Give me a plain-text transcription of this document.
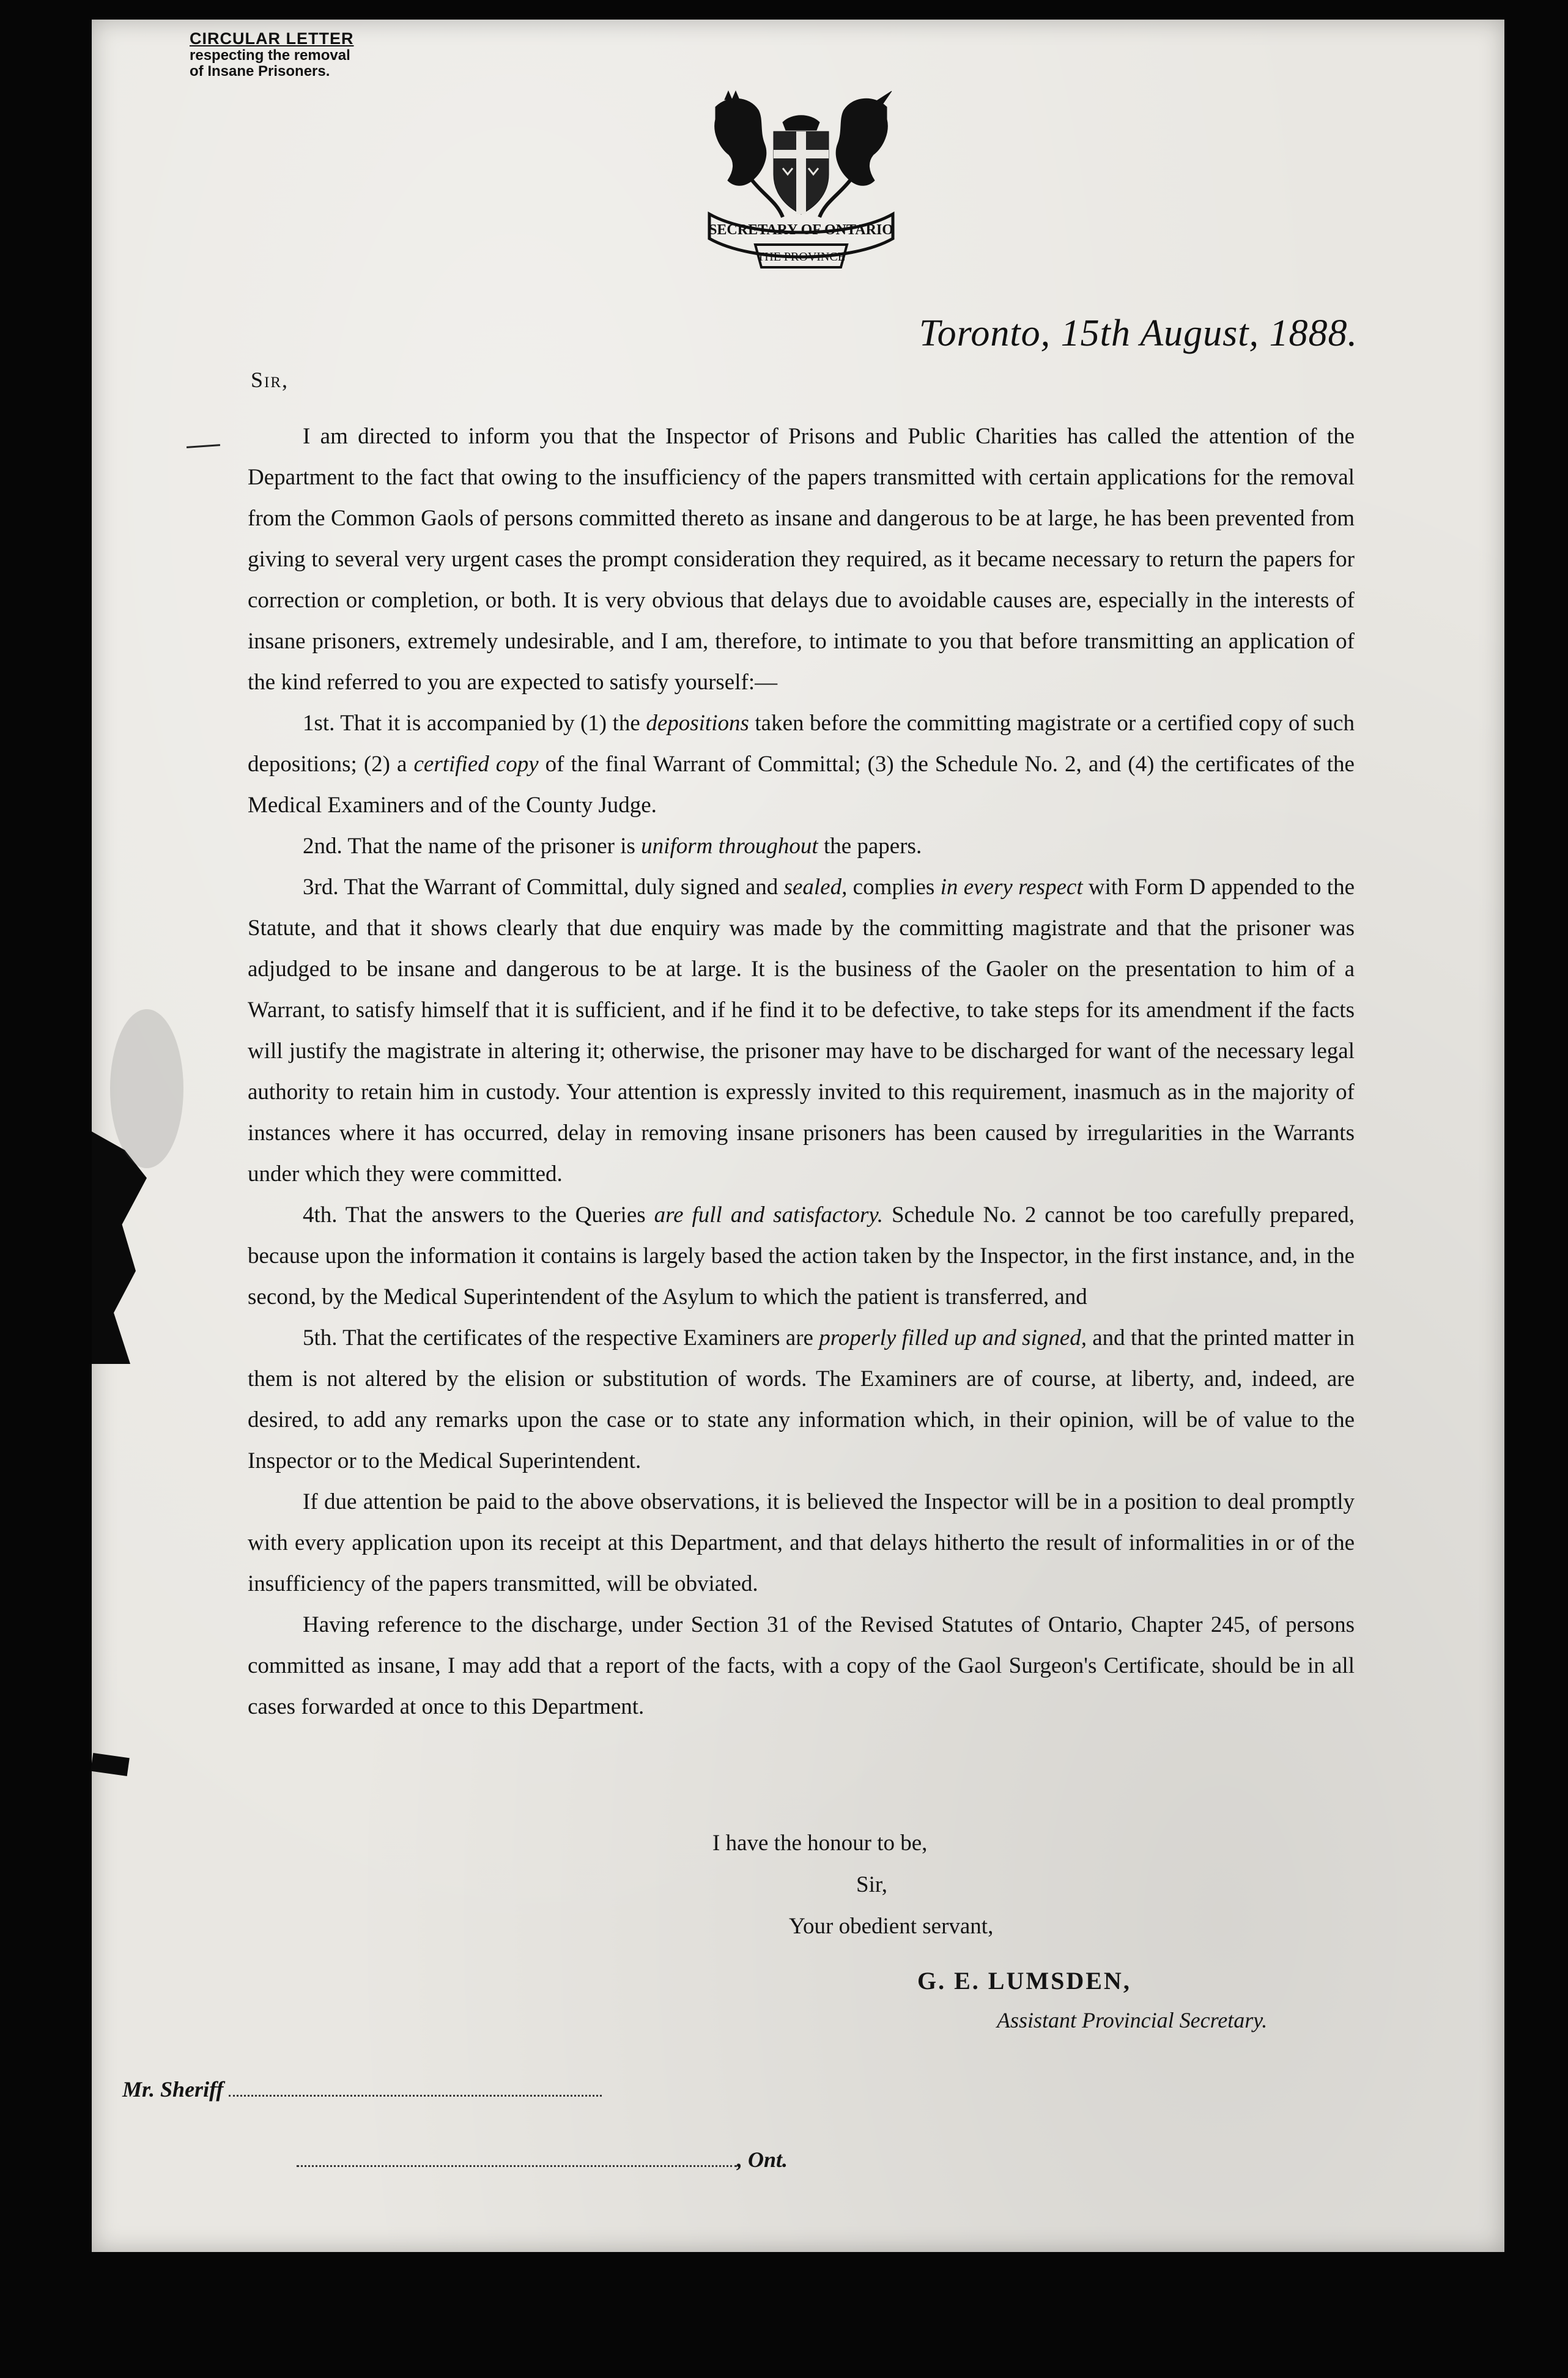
CIRCULAR LETTER
respecting the removal
of Insane Prisoners.
SECRETARY OF ONTARIO
THE PROVINCE
Toronto, 15th August, 1888.
Sir,

I am directed to inform you that the Inspector of Prisons and Public Charities has called the attention of the Department to the fact that owing to the insufficiency of the papers transmitted with certain applications for the removal from the Common Gaols of persons committed thereto as insane and dangerous to be at large, he has been prevented from giving to several very urgent cases the prompt consideration they required, as it became necessary to return the papers for correction or completion, or both. It is very obvious that delays due to avoidable causes are, especially in the interests of insane prisoners, extremely undesirable, and I am, therefore, to intimate to you that before transmitting an application of the kind referred to you are expected to satisfy yourself:—

1st. That it is accompanied by (1) the depositions taken before the committing magistrate or a certified copy of such depositions; (2) a certified copy of the final Warrant of Committal; (3) the Schedule No. 2, and (4) the certificates of the Medical Examiners and of the County Judge.

2nd. That the name of the prisoner is uniform throughout the papers.

3rd. That the Warrant of Committal, duly signed and sealed, complies in every respect with Form D appended to the Statute, and that it shows clearly that due enquiry was made by the committing magistrate and that the prisoner was adjudged to be insane and dangerous to be at large. It is the business of the Gaoler on the presentation to him of a Warrant, to satisfy himself that it is sufficient, and if he find it to be defective, to take steps for its amendment if the facts will justify the magistrate in altering it; otherwise, the prisoner may have to be discharged for want of the necessary legal authority to retain him in custody. Your attention is expressly invited to this requirement, inasmuch as in the majority of instances where it has occurred, delay in removing insane prisoners has been caused by irregularities in the Warrants under which they were committed.

4th. That the answers to the Queries are full and satisfactory. Schedule No. 2 cannot be too carefully prepared, because upon the information it contains is largely based the action taken by the Inspector, in the first instance, and, in the second, by the Medical Superintendent of the Asylum to which the patient is transferred, and

5th. That the certificates of the respective Examiners are properly filled up and signed, and that the printed matter in them is not altered by the elision or substitution of words. The Examiners are of course, at liberty, and, indeed, are desired, to add any remarks upon the case or to state any information which, in their opinion, will be of value to the Inspector or to the Medical Superintendent.

If due attention be paid to the above observations, it is believed the Inspector will be in a position to deal promptly with every application upon its receipt at this Department, and that delays hitherto the result of informalities in or of the insufficiency of the papers transmitted, will be obviated.

Having reference to the discharge, under Section 31 of the Revised Statutes of Ontario, Chapter 245, of persons committed as insane, I may add that a report of the facts, with a copy of the Gaol Surgeon's Certificate, should be in all cases forwarded at once to this Department.

I have the honour to be,
Sir,
Your obedient servant,
G. E. LUMSDEN,
Assistant Provincial Secretary.
Mr. Sheriff
, Ont.
